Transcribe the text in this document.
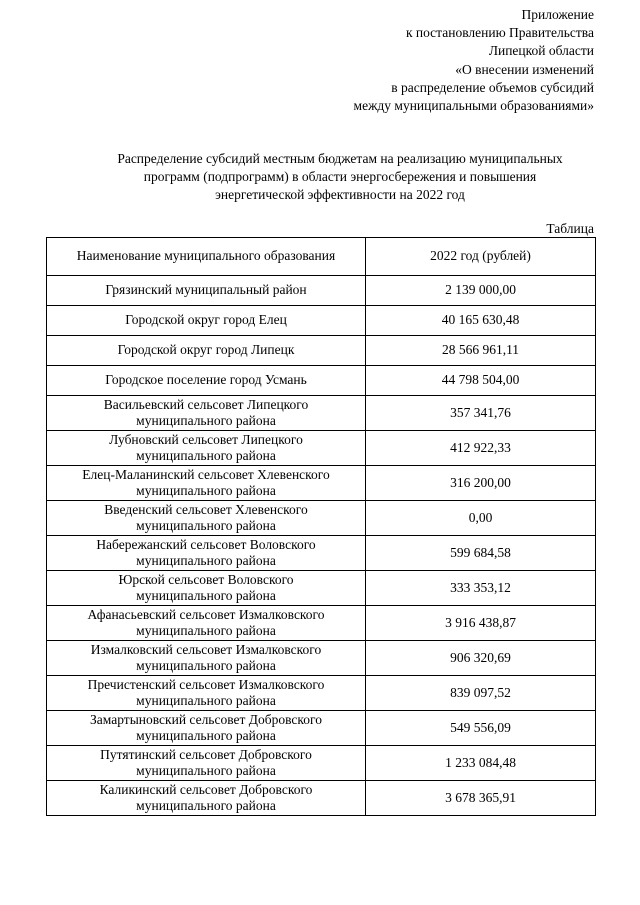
Приложение
к постановлению Правительства
Липецкой области
«О внесении изменений
в распределение объемов субсидий
между муниципальными образованиями»
Распределение субсидий местным бюджетам на реализацию муниципальных
программ (подпрограмм) в области энергосбережения и повышения
энергетической эффективности на 2022 год
Таблица
Наименование муниципального образования	2022 год (рублей)

Грязинский муниципальный район	2 139 000,00

Городской округ город Елец	40 165 630,48

Городской округ город Липецк	28 566 961,11

Городское поселение город Усмань	44 798 504,00

Васильевский сельсовет Липецкого
муниципального района	357 341,76

Лубновский сельсовет Липецкого
муниципального района	412 922,33

Елец-Маланинский сельсовет Хлевенского
муниципального района	316 200,00

Введенский сельсовет Хлевенского
муниципального района	0,00

Набережанский сельсовет Воловского
муниципального района	599 684,58

Юрской сельсовет Воловского
муниципального района	333 353,12

Афанасьевский сельсовет Измалковского
муниципального района	3 916 438,87

Измалковский сельсовет Измалковского
муниципального района	906 320,69

Пречистенский сельсовет Измалковского
муниципального района	839 097,52

Замартыновский сельсовет Добровского
муниципального района	549 556,09

Путятинский сельсовет Добровского
муниципального района	1 233 084,48

Каликинский сельсовет Добровского
муниципального района	3 678 365,91
